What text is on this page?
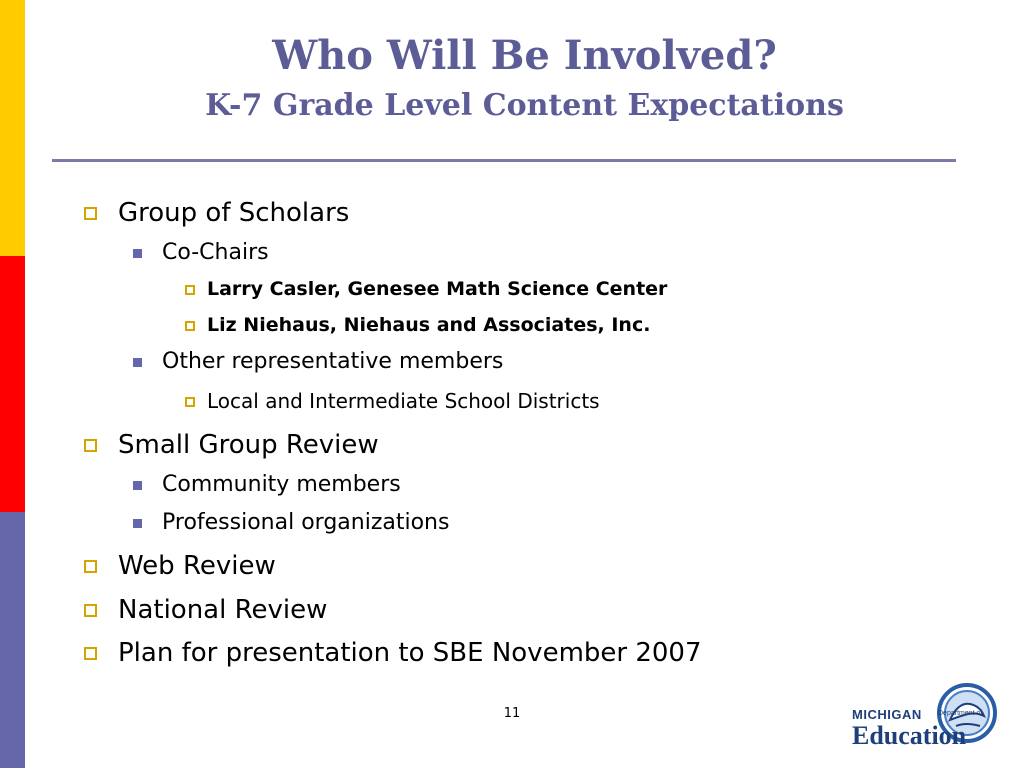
Who Will Be Involved?
K-7 Grade Level Content Expectations
Group of Scholars
Co-Chairs
Larry Casler, Genesee Math Science Center
Liz Niehaus, Niehaus and Associates, Inc.
Other representative members
Local and Intermediate School Districts
Small Group Review
Community members
Professional organizations
Web Review
National Review
Plan for presentation to SBE November 2007
11	MICHIGAN Department of
Education
